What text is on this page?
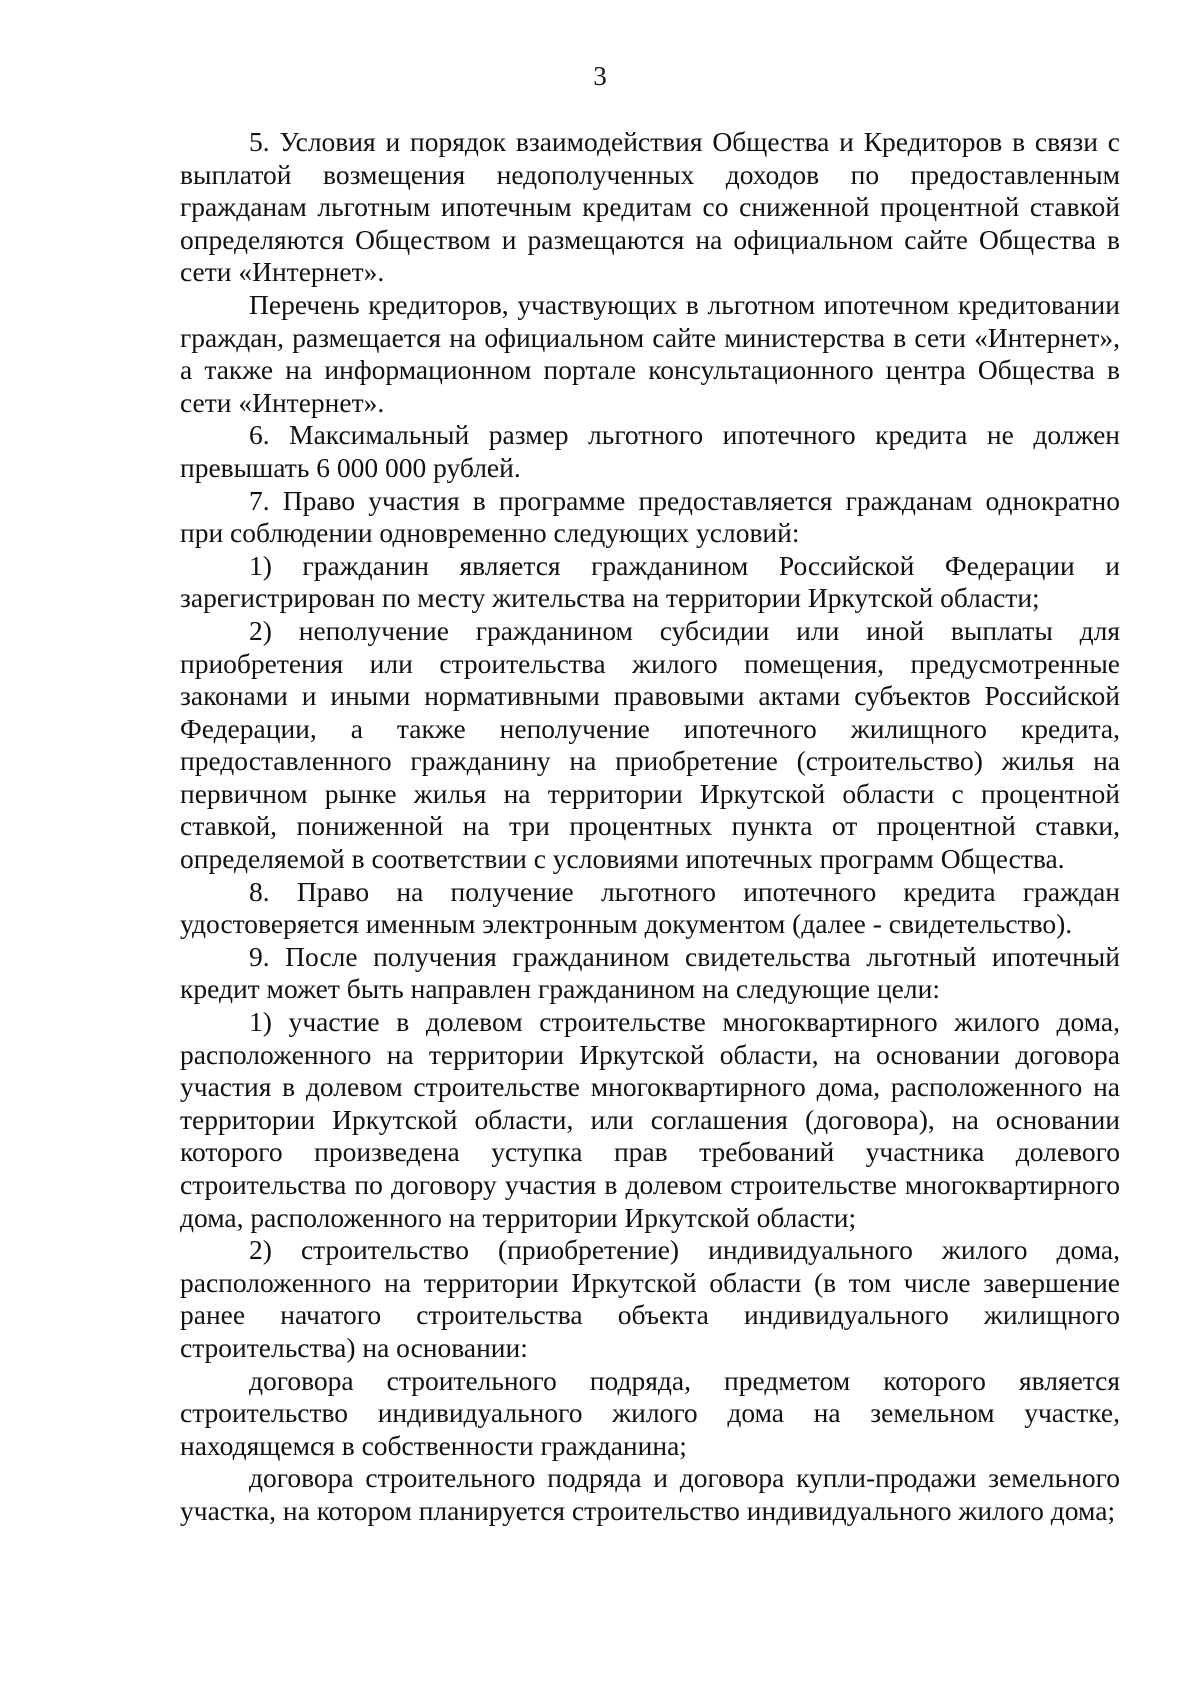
3

5. Условия и порядок взаимодействия Общества и Кредиторов в связи с выплатой возмещения недополученных доходов по предоставленным гражданам льготным ипотечным кредитам со сниженной процентной ставкой определяются Обществом и размещаются на официальном сайте Общества в сети «Интернет».

Перечень кредиторов, участвующих в льготном ипотечном кредитовании граждан, размещается на официальном сайте министерства в сети «Интернет», а также на информационном портале консультационного центра Общества в сети «Интернет».

6. Максимальный размер льготного ипотечного кредита не должен превышать 6 000 000 рублей.

7. Право участия в программе предоставляется гражданам однократно при соблюдении одновременно следующих условий:

1) гражданин является гражданином Российской Федерации и зарегистрирован по месту жительства на территории Иркутской области;

2) неполучение гражданином субсидии или иной выплаты для приобретения или строительства жилого помещения, предусмотренные законами и иными нормативными правовыми актами субъектов Российской Федерации, а также неполучение ипотечного жилищного кредита, предоставленного гражданину на приобретение (строительство) жилья на первичном рынке жилья на территории Иркутской области с процентной ставкой, пониженной на три процентных пункта от процентной ставки, определяемой в соответствии с условиями ипотечных программ Общества.

8. Право на получение льготного ипотечного кредита граждан удостоверяется именным электронным документом (далее - свидетельство).

9. После получения гражданином свидетельства льготный ипотечный кредит может быть направлен гражданином на следующие цели:

1) участие в долевом строительстве многоквартирного жилого дома, расположенного на территории Иркутской области, на основании договора участия в долевом строительстве многоквартирного дома, расположенного на территории Иркутской области, или соглашения (договора), на основании которого произведена уступка прав требований участника долевого строительства по договору участия в долевом строительстве многоквартирного дома, расположенного на территории Иркутской области;

2) строительство (приобретение) индивидуального жилого дома, расположенного на территории Иркутской области (в том числе завершение ранее начатого строительства объекта индивидуального жилищного строительства) на основании:

договора строительного подряда, предметом которого является строительство индивидуального жилого дома на земельном участке, находящемся в собственности гражданина;

договора строительного подряда и договора купли-продажи земельного участка, на котором планируется строительство индивидуального жилого дома;
